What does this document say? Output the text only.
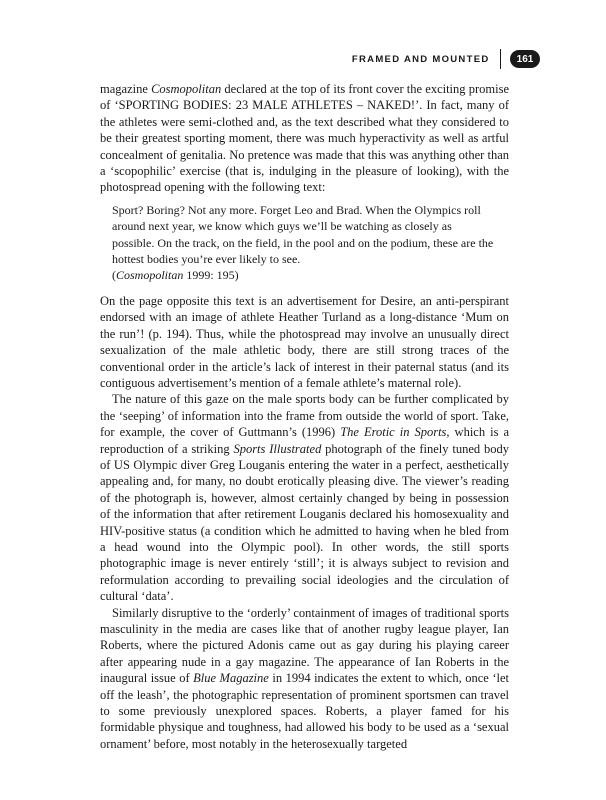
FRAMED AND MOUNTED	161

magazine Cosmopolitan declared at the top of its front cover the exciting promise of ‘SPORTING BODIES: 23 MALE ATHLETES – NAKED!’. In fact, many of the athletes were semi-clothed and, as the text described what they considered to be their greatest sporting moment, there was much hyperactivity as well as artful concealment of genitalia. No pretence was made that this was anything other than a ‘scopophilic’ exercise (that is, indulging in the pleasure of looking), with the photospread opening with the following text:

Sport? Boring? Not any more. Forget Leo and Brad. When the Olympics roll around next year, we know which guys we’ll be watching as closely as possible. On the track, on the field, in the pool and on the podium, these are the hottest bodies you’re ever likely to see.

(Cosmopolitan 1999: 195)

On the page opposite this text is an advertisement for Desire, an anti-perspirant endorsed with an image of athlete Heather Turland as a long-distance ‘Mum on the run’! (p. 194). Thus, while the photospread may involve an unusually direct sexualization of the male athletic body, there are still strong traces of the conventional order in the article’s lack of interest in their paternal status (and its contiguous advertisement’s mention of a female athlete’s maternal role).

The nature of this gaze on the male sports body can be further complicated by the ‘seeping’ of information into the frame from outside the world of sport. Take, for example, the cover of Guttmann’s (1996) The Erotic in Sports, which is a reproduction of a striking Sports Illustrated photograph of the finely tuned body of US Olympic diver Greg Louganis entering the water in a perfect, aesthetically appealing and, for many, no doubt erotically pleasing dive. The viewer’s reading of the photograph is, however, almost certainly changed by being in possession of the information that after retirement Louganis declared his homosexuality and HIV-positive status (a condition which he admitted to having when he bled from a head wound into the Olympic pool). In other words, the still sports photographic image is never entirely ‘still’; it is always subject to revision and reformulation according to prevailing social ideologies and the circulation of cultural ‘data’.

Similarly disruptive to the ‘orderly’ containment of images of traditional sports masculinity in the media are cases like that of another rugby league player, Ian Roberts, where the pictured Adonis came out as gay during his playing career after appearing nude in a gay magazine. The appearance of Ian Roberts in the inaugural issue of Blue Magazine in 1994 indicates the extent to which, once ‘let off the leash’, the photographic representation of prominent sportsmen can travel to some previously unexplored spaces. Roberts, a player famed for his formidable physique and toughness, had allowed his body to be used as a ‘sexual ornament’ before, most notably in the heterosexually targeted
